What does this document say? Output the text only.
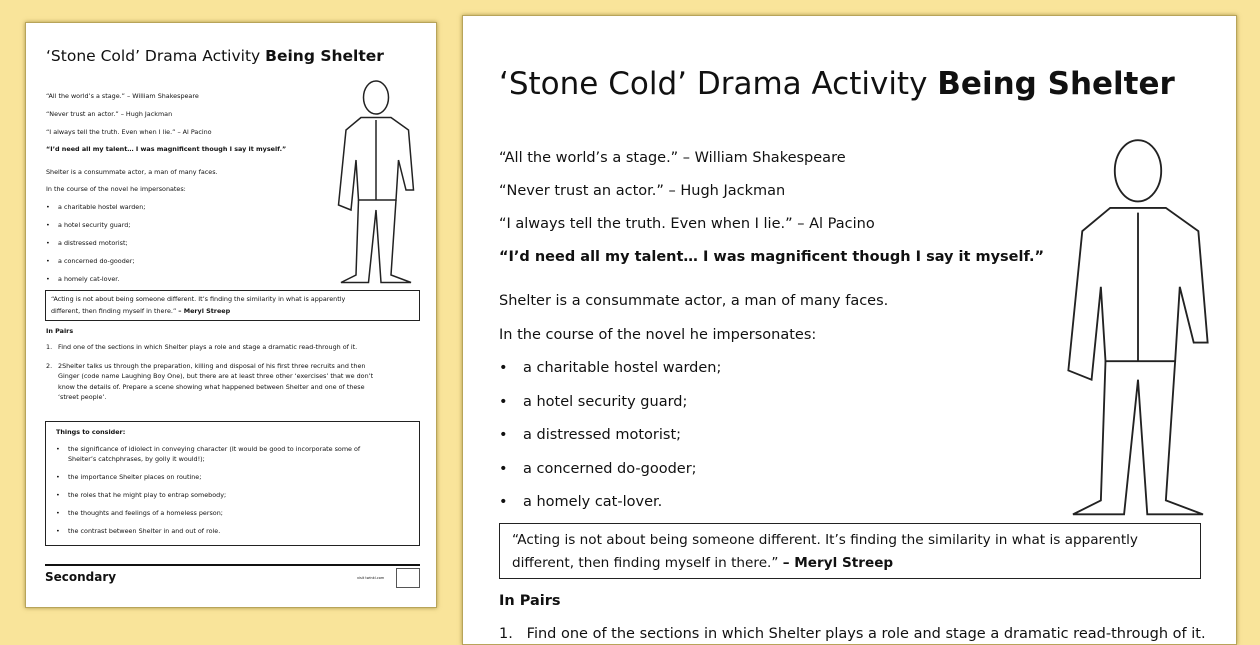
‘Stone Cold’ Drama Activity Being Shelter
“All the world’s a stage.” – William Shakespeare
“Never trust an actor.” – Hugh Jackman
“I always tell the truth. Even when I lie.” – Al Pacino
“I’d need all my talent… I was magnificent though I say it myself.”
Shelter is a consummate actor, a man of many faces.
In the course of the novel he impersonates:
“Acting is not about being someone different. It’s finding the similarity in what is apparently
different, then finding myself in there.” – Meryl Streep
In Pairs
Things to consider:
• the significance of idiolect in conveying character (It would be good to incorporate some of
Shelter’s catchphrases, by golly it would!);
• the importance Shelter places on routine;
• the roles that he might play to entrap somebody;
• the thoughts and feelings of a homeless person;
• the contrast between Shelter in and out of role.
Secondary	visit twinkl.com
• a charitable hostel warden;
• a hotel security guard;
• a distressed motorist;
• a concerned do-gooder;
• a homely cat-lover.
1. Find one of the sections in which Shelter plays a role and stage a dramatic read-through of it.
2. 2Shelter talks us through the preparation, killing and disposal of his first three recruits and then
Ginger (code name Laughing Boy One), but there are at least three other ‘exercises’ that we don’t
know the details of. Prepare a scene showing what happened between Shelter and one of these
‘street people’.
‘Stone Cold’ Drama Activity Being Shelter
“All the world’s a stage.” – William Shakespeare
“Never trust an actor.” – Hugh Jackman
“I always tell the truth. Even when I lie.” – Al Pacino
“I’d need all my talent… I was magnificent though I say it myself.”
Shelter is a consummate actor, a man of many faces.
In the course of the novel he impersonates:
“Acting is not about being someone different. It’s finding the similarity in what is apparently
different, then finding myself in there.” – Meryl Streep
In Pairs
1. Find one of the sections in which Shelter plays a role and stage a dramatic read-through of it.
• a charitable hostel warden;
• a hotel security guard;
• a distressed motorist;
• a concerned do-gooder;
• a homely cat-lover.
